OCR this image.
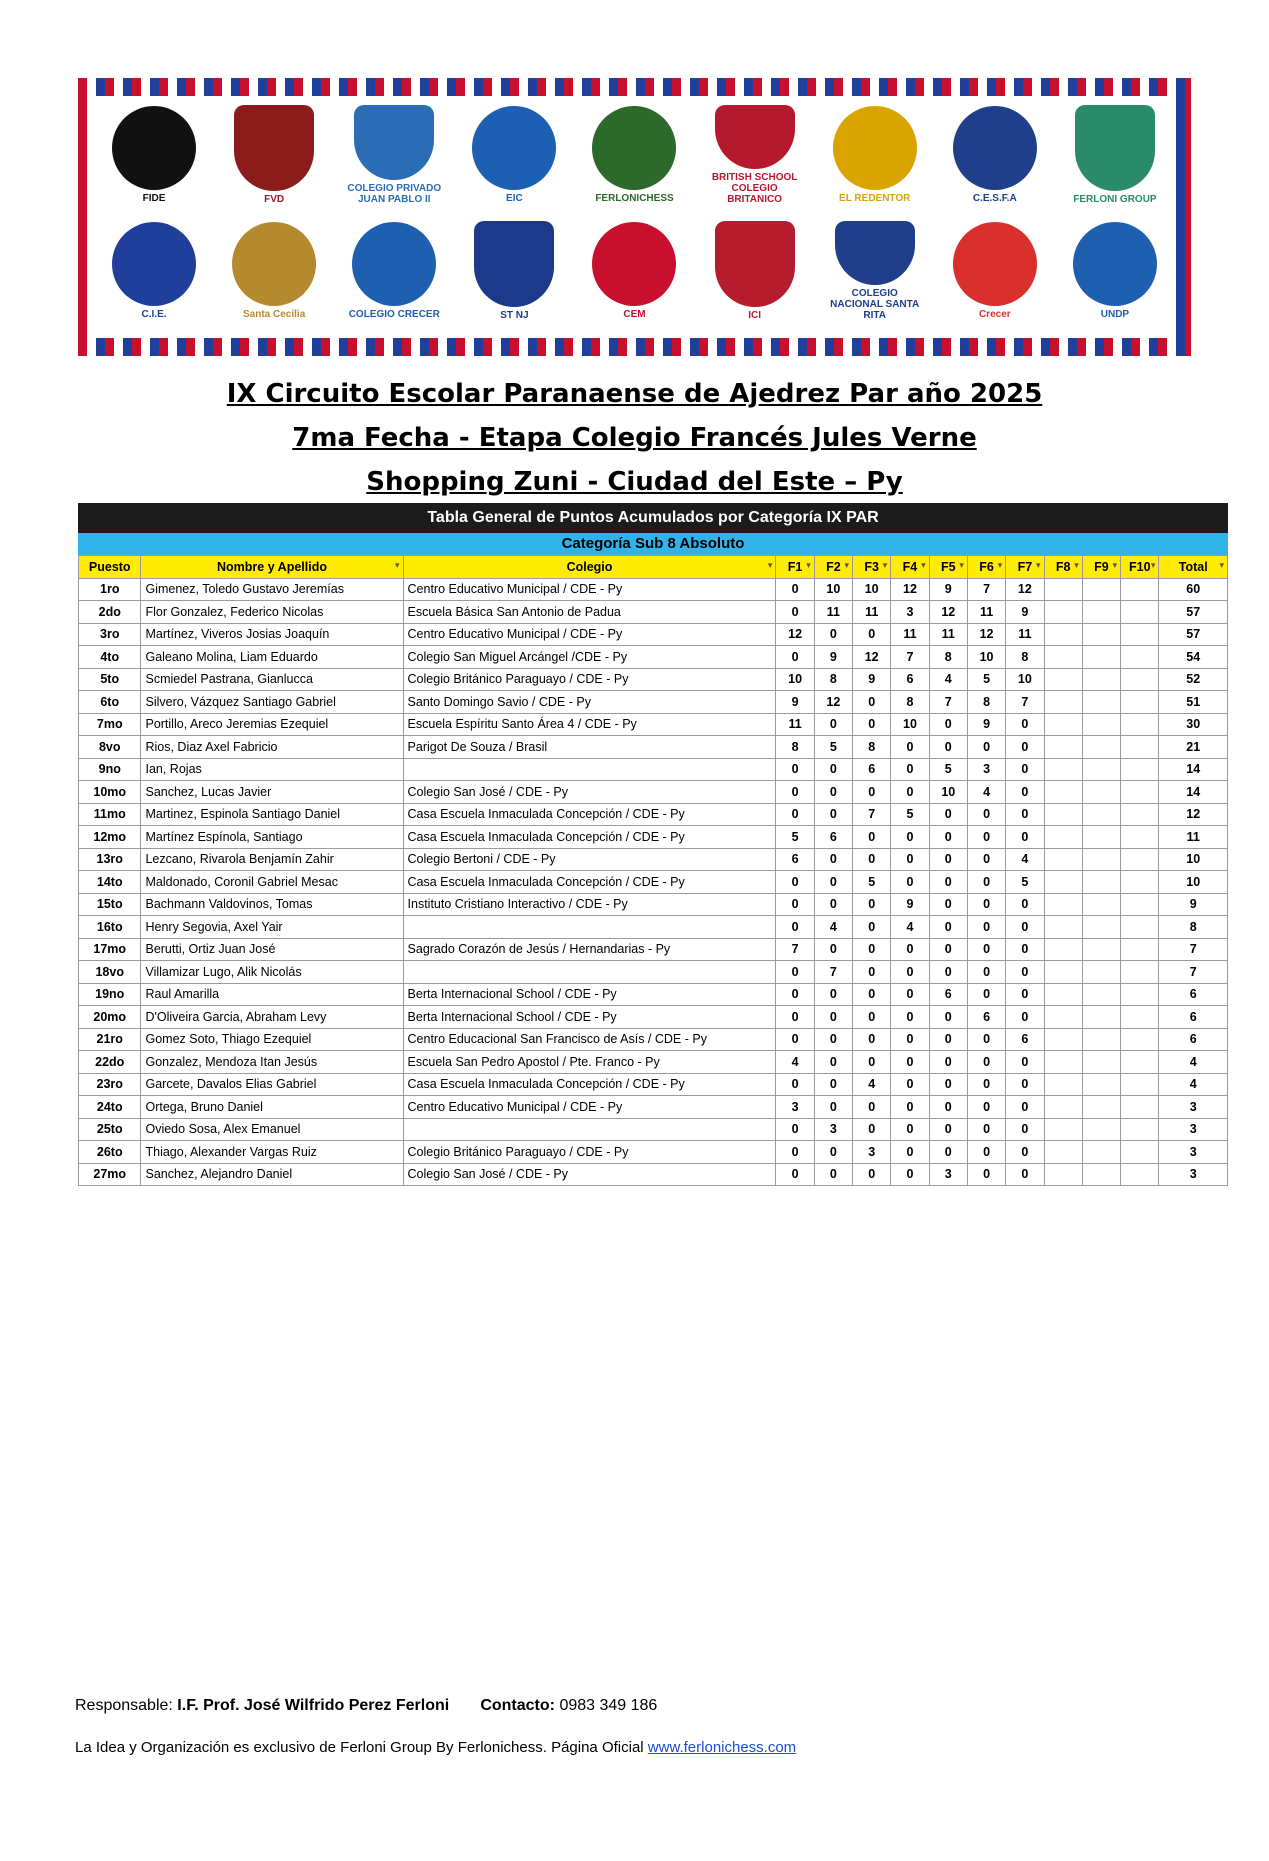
FIDE	FVD
COLEGIO PRIVADO JUAN PABLO II	EIC	FERLONICHESS
BRITISH SCHOOL COLEGIO BRITANICO	EL REDENTOR	C.E.S.F.A	FERLONI GROUP
C.I.E.	Santa Cecilia	COLEGIO CRECER	ST NJ	CEM	ICI
COLEGIO NACIONAL SANTA RITA	Crecer	UNDP
IX Circuito Escolar Paranaense de Ajedrez Par año 2025
7ma Fecha - Etapa Colegio Francés Jules Verne
Shopping Zuni - Ciudad del Este – Py
Tabla General de Puntos Acumulados por Categoría IX PAR
Categoría Sub 8 Absoluto
Puesto	Nombre y Apellido ▾	Colegio ▾	F1 ▾	F2 ▾	F3 ▾	F4 ▾	F5 ▾	F6 ▾	F7 ▾	F8 ▾	F9 ▾	F10 ▾	Total ▾

1ro	Gimenez, Toledo Gustavo Jeremías	Centro Educativo Municipal / CDE - Py	0	10	10	12	9	7	12				60
2do	Flor Gonzalez, Federico Nicolas	Escuela Básica San Antonio de Padua	0	11	11	3	12	11	9				57
3ro	Martínez, Viveros Josias Joaquín	Centro Educativo Municipal / CDE - Py	12	0	0	11	11	12	11				57
4to	Galeano Molina, Liam Eduardo	Colegio San Miguel Arcángel /CDE - Py	0	9	12	7	8	10	8				54
5to	Scmiedel Pastrana, Gianlucca	Colegio Británico Paraguayo / CDE - Py	10	8	9	6	4	5	10				52
6to	Silvero, Vázquez Santiago Gabriel	Santo Domingo Savio / CDE - Py	9	12	0	8	7	8	7				51
7mo	Portillo, Areco Jeremias Ezequiel	Escuela Espíritu Santo Área 4 / CDE - Py	11	0	0	10	0	9	0				30
8vo	Rios, Diaz Axel Fabricio	Parigot De Souza / Brasil	8	5	8	0	0	0	0				21
9no	Ian, Rojas		0	0	6	0	5	3	0				14
10mo	Sanchez, Lucas Javier	Colegio San José / CDE - Py	0	0	0	0	10	4	0				14
11mo	Martinez, Espinola Santiago Daniel	Casa Escuela Inmaculada Concepción / CDE - Py	0	0	7	5	0	0	0				12
12mo	Martínez Espínola, Santiago	Casa Escuela Inmaculada Concepción / CDE - Py	5	6	0	0	0	0	0				11
13ro	Lezcano, Rivarola Benjamín Zahir	Colegio Bertoni / CDE - Py	6	0	0	0	0	0	4				10
14to	Maldonado, Coronil Gabriel Mesac	Casa Escuela Inmaculada Concepción / CDE - Py	0	0	5	0	0	0	5				10
15to	Bachmann Valdovinos, Tomas	Instituto Cristiano Interactivo / CDE - Py	0	0	0	9	0	0	0				9
16to	Henry Segovia, Axel Yair		0	4	0	4	0	0	0				8
17mo	Berutti, Ortiz Juan José	Sagrado Corazón de Jesús / Hernandarias - Py	7	0	0	0	0	0	0				7
18vo	Villamizar Lugo, Alik Nicolás		0	7	0	0	0	0	0				7
19no	Raul Amarilla	Berta Internacional School / CDE - Py	0	0	0	0	6	0	0				6
20mo	D'Oliveira Garcia, Abraham Levy	Berta Internacional School / CDE - Py	0	0	0	0	0	6	0				6
21ro	Gomez Soto, Thiago Ezequiel	Centro Educacional San Francisco de Asís / CDE - Py	0	0	0	0	0	0	6				6
22do	Gonzalez, Mendoza Itan Jesús	Escuela San Pedro Apostol / Pte. Franco - Py	4	0	0	0	0	0	0				4
23ro	Garcete, Davalos Elias Gabriel	Casa Escuela Inmaculada Concepción / CDE - Py	0	0	4	0	0	0	0				4
24to	Ortega, Bruno Daniel	Centro Educativo Municipal / CDE - Py	3	0	0	0	0	0	0				3
25to	Oviedo Sosa, Alex Emanuel		0	3	0	0	0	0	0				3
26to	Thiago, Alexander Vargas Ruiz	Colegio Británico Paraguayo / CDE - Py	0	0	3	0	0	0	0				3
27mo	Sanchez, Alejandro Daniel	Colegio San José / CDE - Py	0	0	0	0	3	0	0				3
Responsable: I.F. Prof. José Wilfrido Perez Ferloni Contacto: 0983 349 186
La Idea y Organización es exclusivo de Ferloni Group By Ferlonichess. Página Oficial www.ferlonichess.com
